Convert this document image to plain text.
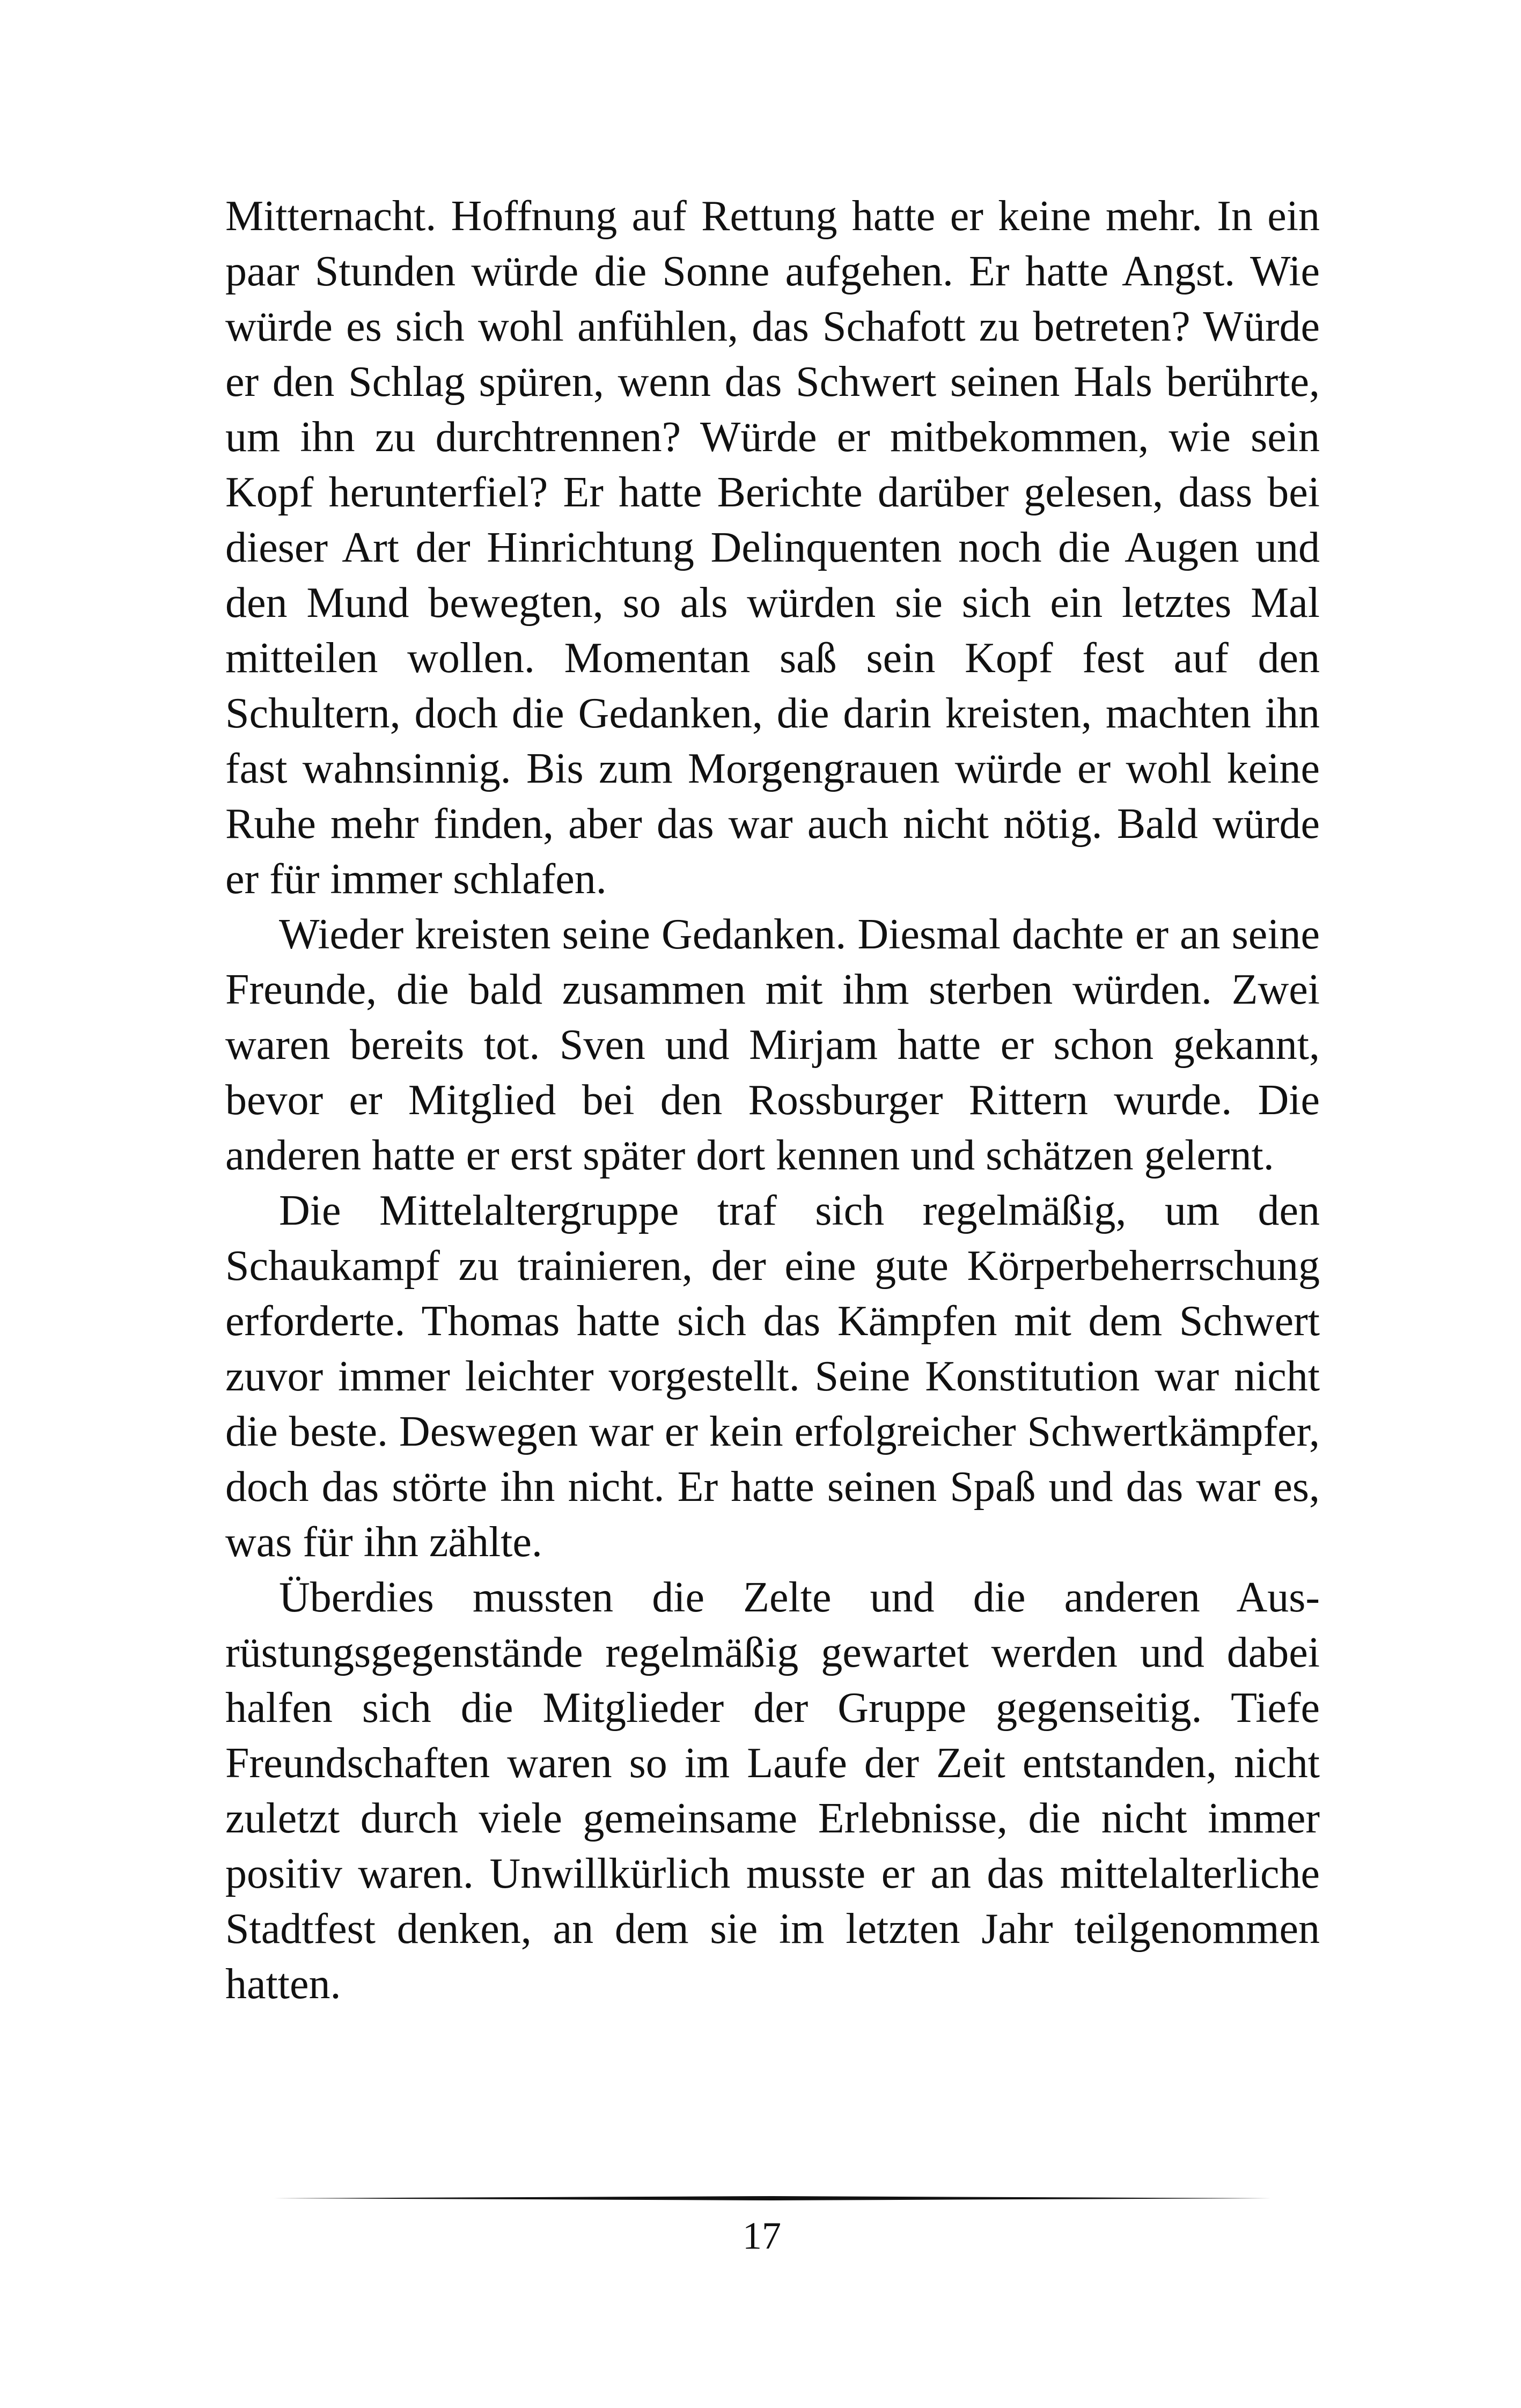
Mitternacht. Hoffnung auf Rettung hatte er keine mehr. In ein paar Stunden würde die Sonne aufgehen. Er hatte Angst. Wie würde es sich wohl anfühlen, das Schafott zu betreten? Würde er den Schlag spüren, wenn das Schwert seinen Hals berührte, um ihn zu durchtrennen? Würde er mitbekommen, wie sein Kopf herunterfiel? Er hatte Berichte darüber gelesen, dass bei dieser Art der Hinrichtung Delinquenten noch die Augen und den Mund bewegten, so als würden sie sich ein letztes Mal mitteilen wollen. Momentan saß sein Kopf fest auf den Schultern, doch die Gedanken, die darin kreisten, machten ihn fast wahnsinnig. Bis zum Morgengrauen würde er wohl keine Ruhe mehr finden, aber das war auch nicht nötig. Bald würde er für immer schlafen.

Wieder kreisten seine Gedanken. Diesmal dachte er an seine Freunde, die bald zusammen mit ihm sterben würden. Zwei waren bereits tot. Sven und Mirjam hatte er schon gekannt, bevor er Mitglied bei den Rossburger Rittern wurde. Die anderen hatte er erst später dort kennen und schätzen gelernt.

Die Mittelaltergruppe traf sich regelmäßig, um den Schaukampf zu trainieren, der eine gute Körperbeherrschung erforderte. Thomas hatte sich das Kämpfen mit dem Schwert zuvor immer leichter vorgestellt. Seine Konstitution war nicht die beste. Deswegen war er kein erfolgreicher Schwertkämpfer, doch das störte ihn nicht. Er hatte seinen Spaß und das war es, was für ihn zählte.

Überdies mussten die Zelte und die anderen Ausrüstungsgegenstände regelmäßig gewartet werden und dabei halfen sich die Mitglieder der Gruppe gegenseitig. Tiefe Freundschaften waren so im Laufe der Zeit entstanden, nicht zuletzt durch viele gemeinsame Erlebnisse, die nicht immer positiv waren. Unwillkürlich musste er an das mittelalterliche Stadtfest denken, an dem sie im letzten Jahr teilgenommen hatten.

17
